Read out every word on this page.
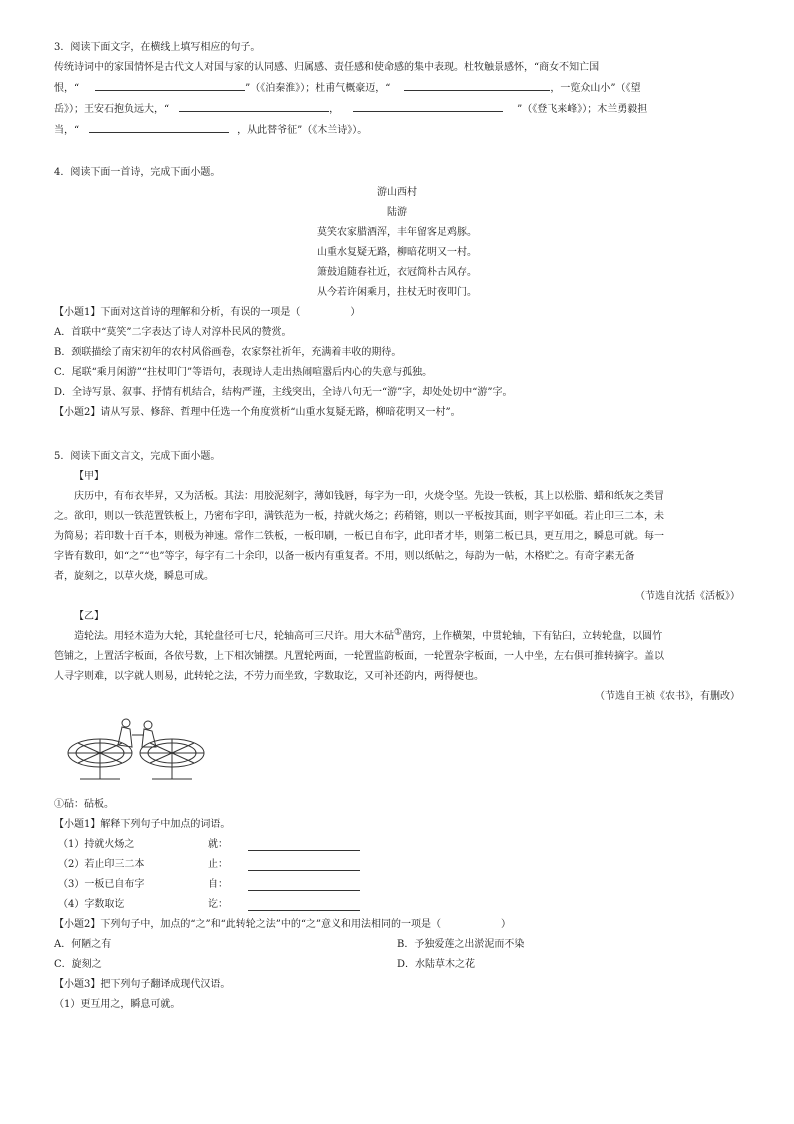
3．阅读下面文字，在横线上填写相应的句子。
传统诗词中的家国情怀是古代文人对国与家的认同感、归属感、责任感和使命感的集中表现。杜牧触景感怀，“商女不知亡国
恨，“	”（《泊秦淮》）；杜甫气概豪迈，“	，一览众山小”（《望
岳》）；王安石抱负远大，“	，	”（《登飞来峰》）；木兰勇毅担
当，“	，从此替爷征”（《木兰诗》）。
4．阅读下面一首诗，完成下面小题。
游山西村
陆游
莫笑农家腊酒浑，丰年留客足鸡豚。
山重水复疑无路，柳暗花明又一村。
箫鼓追随春社近，衣冠简朴古风存。
从今若许闲乘月，拄杖无时夜叩门。
【小题1】下面对这首诗的理解和分析，有误的一项是（　　　　　）
A．首联中“莫笑”二字表达了诗人对淳朴民风的赞赏。
B．颈联描绘了南宋初年的农村风俗画卷，农家祭社祈年，充满着丰收的期待。
C．尾联“乘月闲游”“拄杖叩门”等语句，表现诗人走出热闹喧嚣后内心的失意与孤独。
D．全诗写景、叙事、抒情有机结合，结构严谨，主线突出，全诗八句无一“游”字，却处处切中“游”字。
【小题2】请从写景、修辞、哲理中任选一个角度赏析“山重水复疑无路，柳暗花明又一村”。
5．阅读下面文言文，完成下面小题。
【甲】
庆历中，有布衣毕昇，又为活板。其法：用胶泥刻字，薄如钱唇，每字为一印，火烧令坚。先设一铁板，其上以松脂、蜡和纸灰之类冒
之。欲印，则以一铁范置铁板上，乃密布字印，满铁范为一板，持就火炀之；药稍镕，则以一平板按其面，则字平如砥。若止印三二本，未
为简易；若印数十百千本，则极为神速。常作二铁板，一板印刷，一板已自布字，此印者才毕，则第二板已具，更互用之，瞬息可就。每一
字皆有数印，如“之”“也”等字，每字有二十余印，以备一板内有重复者。不用，则以纸帖之，每韵为一帖，木格贮之。有奇字素无备
者，旋刻之，以草火烧，瞬息可成。
（节选自沈括《活板》）
【乙】
造轮法。用轻木造为大轮，其轮盘径可七尺，轮轴高可三尺许。用大木砧①凿窍，上作横架，中贯轮轴，下有钻臼，立转轮盘，以圆竹
笆铺之，上置活字板面，各依号数，上下相次铺摆。凡置轮两面，一轮置监韵板面，一轮置杂字板面，一人中坐，左右俱可推转摘字。盖以
人寻字则难，以字就人则易，此转轮之法，不劳力而坐致，字数取讫，又可补还韵内，两得便也。
（节选自王祯《农书》，有删改）
①砧：砧板。
【小题1】解释下列句子中加点的词语。
（1）持就火炀之	就：
（2）若止印三二本	止：
（3）一板已自布字	自：
（4）字数取讫	讫：
【小题2】下列句子中，加点的“之”和“此转轮之法”中的“之”意义和用法相同的一项是（　　　　　　）
A．何陋之有	B．予独爱莲之出淤泥而不染
C．旋刻之	D．水陆草木之花
【小题3】把下列句子翻译成现代汉语。
（1）更互用之，瞬息可就。
